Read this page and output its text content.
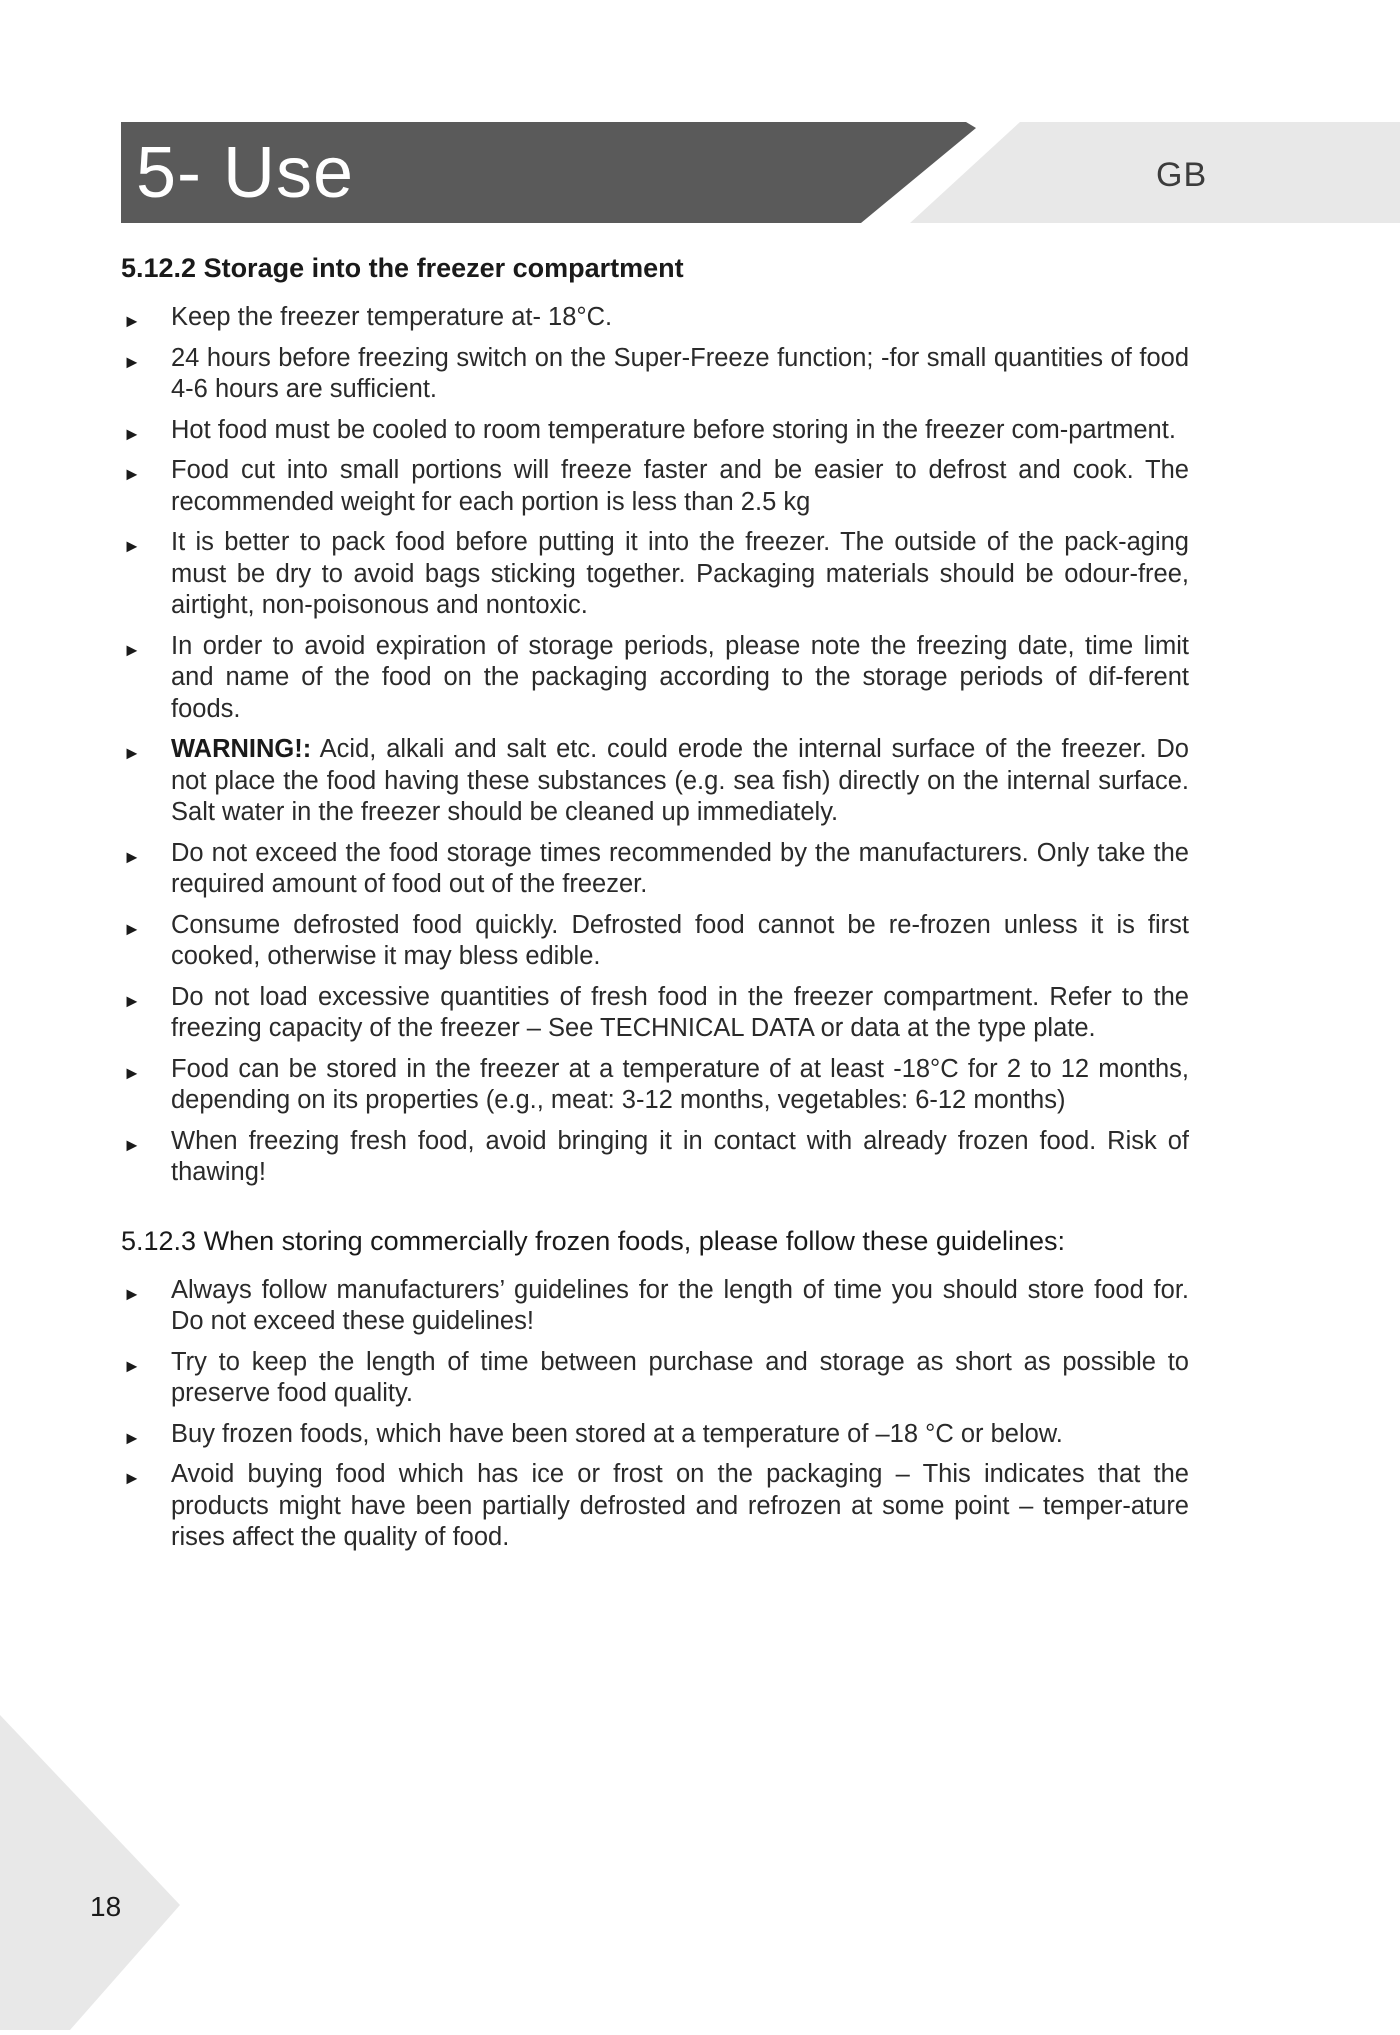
5- Use	GB
5.12.2 Storage into the freezer compartment
► Keep the freezer temperature at- 18°C.
► 24 hours before freezing switch on the Super-Freeze function; -for small quantities of food 4-6 hours are sufficient.
► Hot food must be cooled to room temperature before storing in the freezer com-partment.
► Food cut into small portions will freeze faster and be easier to defrost and cook. The recommended weight for each portion is less than 2.5 kg
► It is better to pack food before putting it into the freezer. The outside of the pack-aging must be dry to avoid bags sticking together. Packaging materials should be odour-free, airtight, non-poisonous and nontoxic.
► In order to avoid expiration of storage periods, please note the freezing date, time limit and name of the food on the packaging according to the storage periods of dif-ferent foods.
► WARNING!: Acid, alkali and salt etc. could erode the internal surface of the freezer. Do not place the food having these substances (e.g. sea fish) directly on the internal surface. Salt water in the freezer should be cleaned up immediately.
► Do not exceed the food storage times recommended by the manufacturers. Only take the required amount of food out of the freezer.
► Consume defrosted food quickly. Defrosted food cannot be re-frozen unless it is first cooked, otherwise it may bless edible.
► Do not load excessive quantities of fresh food in the freezer compartment. Refer to the freezing capacity of the freezer – See TECHNICAL DATA or data at the type plate.
► Food can be stored in the freezer at a temperature of at least -18°C for 2 to 12 months, depending on its properties (e.g., meat: 3-12 months, vegetables: 6-12 months)
► When freezing fresh food, avoid bringing it in contact with already frozen food. Risk of thawing!
5.12.3 When storing commercially frozen foods, please follow these guidelines:
► Always follow manufacturers’ guidelines for the length of time you should store food for. Do not exceed these guidelines!
► Try to keep the length of time between purchase and storage as short as possible to preserve food quality.
► Buy frozen foods, which have been stored at a temperature of –18 °C or below.
► Avoid buying food which has ice or frost on the packaging – This indicates that the products might have been partially defrosted and refrozen at some point – temper-ature rises affect the quality of food.
18
